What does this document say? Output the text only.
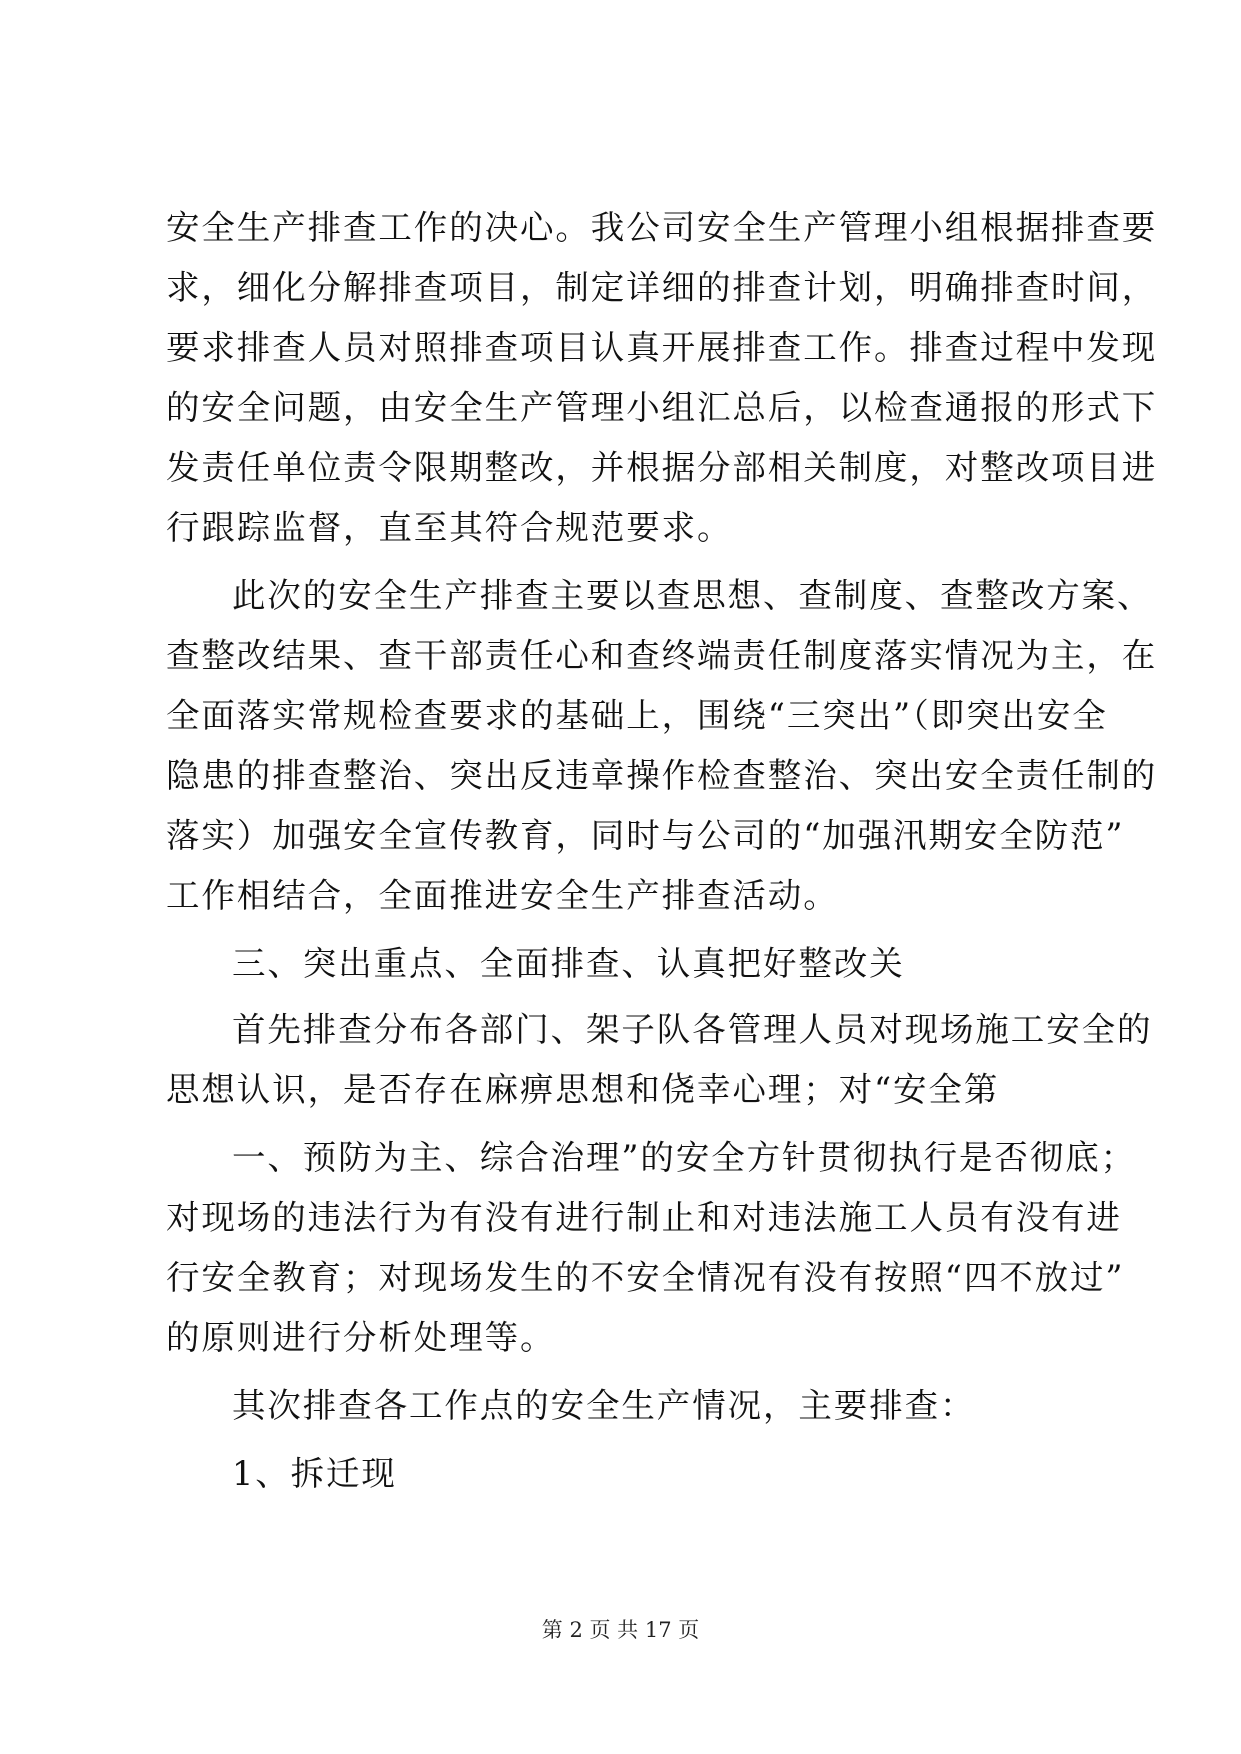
安全生产排查工作的决心。我公司安全生产管理小组根据排查要
求，细化分解排查项目，制定详细的排查计划，明确排查时间，
要求排查人员对照排查项目认真开展排查工作。排查过程中发现
的安全问题，由安全生产管理小组汇总后，以检查通报的形式下
发责任单位责令限期整改，并根据分部相关制度，对整改项目进
行跟踪监督，直至其符合规范要求。
此次的安全生产排查主要以查思想、查制度、查整改方案、
查整改结果、查干部责任心和查终端责任制度落实情况为主，在
全面落实常规检查要求的基础上，围绕“三突出”（即突出安全
隐患的排查整治、突出反违章操作检查整治、突出安全责任制的
落实）加强安全宣传教育，同时与公司的“加强汛期安全防范”
工作相结合，全面推进安全生产排查活动。
三、突出重点、全面排查、认真把好整改关
首先排查分布各部门、架子队各管理人员对现场施工安全的
思想认识，是否存在麻痹思想和侥幸心理；对“安全第
一、预防为主、综合治理”的安全方针贯彻执行是否彻底；
对现场的违法行为有没有进行制止和对违法施工人员有没有进
行安全教育；对现场发生的不安全情况有没有按照“四不放过”
的原则进行分析处理等。
其次排查各工作点的安全生产情况，主要排查：
1、拆迁现
第 2 页 共 17 页
